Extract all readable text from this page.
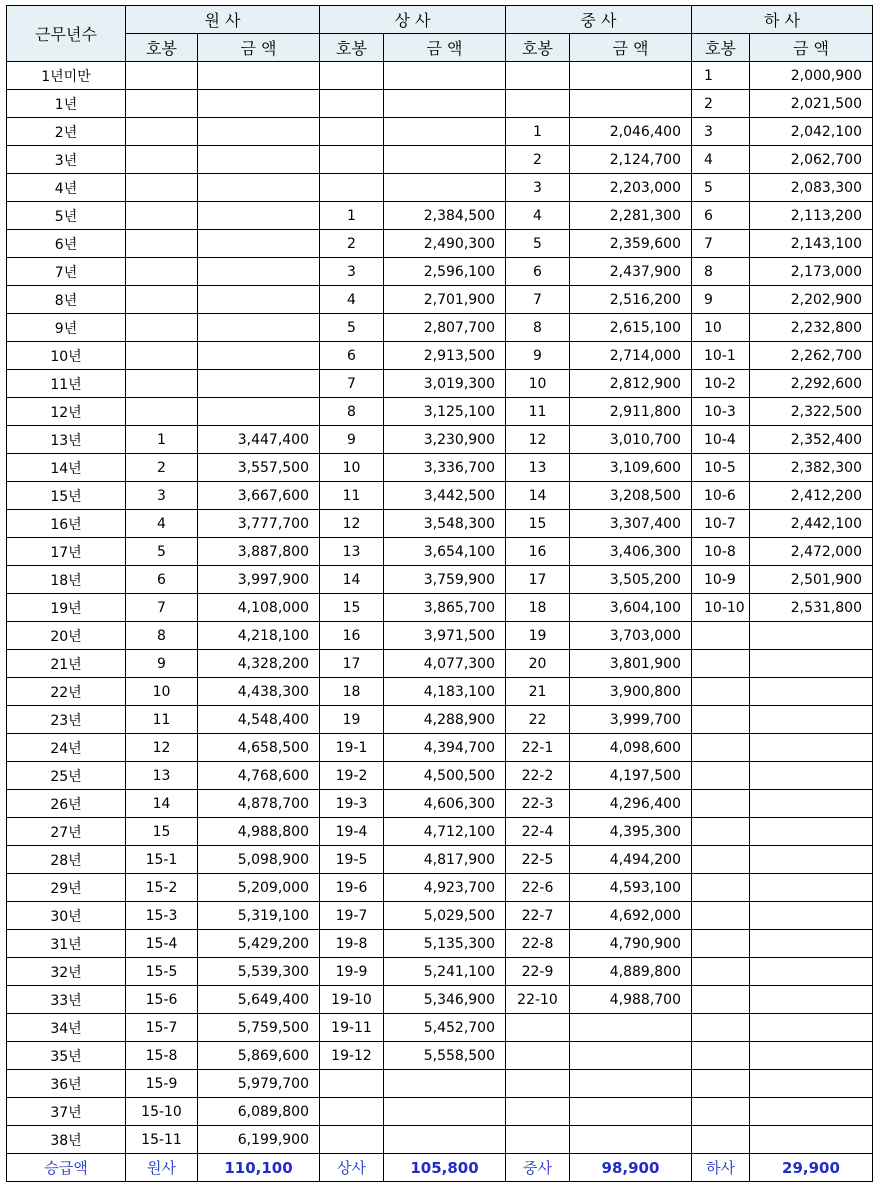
근무년수	원 사		상 사		중 사		하 사	
	호봉	금 액	호봉	금 액	호봉	금 액	호봉	금 액
1년미만							1	2,000,900
1년							2	2,021,500
2년					1	2,046,400	3	2,042,100
3년					2	2,124,700	4	2,062,700
4년					3	2,203,000	5	2,083,300
5년			1	2,384,500	4	2,281,300	6	2,113,200
6년			2	2,490,300	5	2,359,600	7	2,143,100
7년			3	2,596,100	6	2,437,900	8	2,173,000
8년			4	2,701,900	7	2,516,200	9	2,202,900
9년			5	2,807,700	8	2,615,100	10	2,232,800
10년			6	2,913,500	9	2,714,000	10-1	2,262,700
11년			7	3,019,300	10	2,812,900	10-2	2,292,600
12년			8	3,125,100	11	2,911,800	10-3	2,322,500
13년	1	3,447,400	9	3,230,900	12	3,010,700	10-4	2,352,400
14년	2	3,557,500	10	3,336,700	13	3,109,600	10-5	2,382,300
15년	3	3,667,600	11	3,442,500	14	3,208,500	10-6	2,412,200
16년	4	3,777,700	12	3,548,300	15	3,307,400	10-7	2,442,100
17년	5	3,887,800	13	3,654,100	16	3,406,300	10-8	2,472,000
18년	6	3,997,900	14	3,759,900	17	3,505,200	10-9	2,501,900
19년	7	4,108,000	15	3,865,700	18	3,604,100	10-10	2,531,800
20년	8	4,218,100	16	3,971,500	19	3,703,000		
21년	9	4,328,200	17	4,077,300	20	3,801,900		
22년	10	4,438,300	18	4,183,100	21	3,900,800		
23년	11	4,548,400	19	4,288,900	22	3,999,700		
24년	12	4,658,500	19-1	4,394,700	22-1	4,098,600		
25년	13	4,768,600	19-2	4,500,500	22-2	4,197,500		
26년	14	4,878,700	19-3	4,606,300	22-3	4,296,400		
27년	15	4,988,800	19-4	4,712,100	22-4	4,395,300		
28년	15-1	5,098,900	19-5	4,817,900	22-5	4,494,200		
29년	15-2	5,209,000	19-6	4,923,700	22-6	4,593,100		
30년	15-3	5,319,100	19-7	5,029,500	22-7	4,692,000		
31년	15-4	5,429,200	19-8	5,135,300	22-8	4,790,900		
32년	15-5	5,539,300	19-9	5,241,100	22-9	4,889,800		
33년	15-6	5,649,400	19-10	5,346,900	22-10	4,988,700		
34년	15-7	5,759,500	19-11	5,452,700				
35년	15-8	5,869,600	19-12	5,558,500				
36년	15-9	5,979,700						
37년	15-10	6,089,800						
38년	15-11	6,199,900						
승급액	원사	110,100	상사	105,800	중사	98,900	하사	29,900
